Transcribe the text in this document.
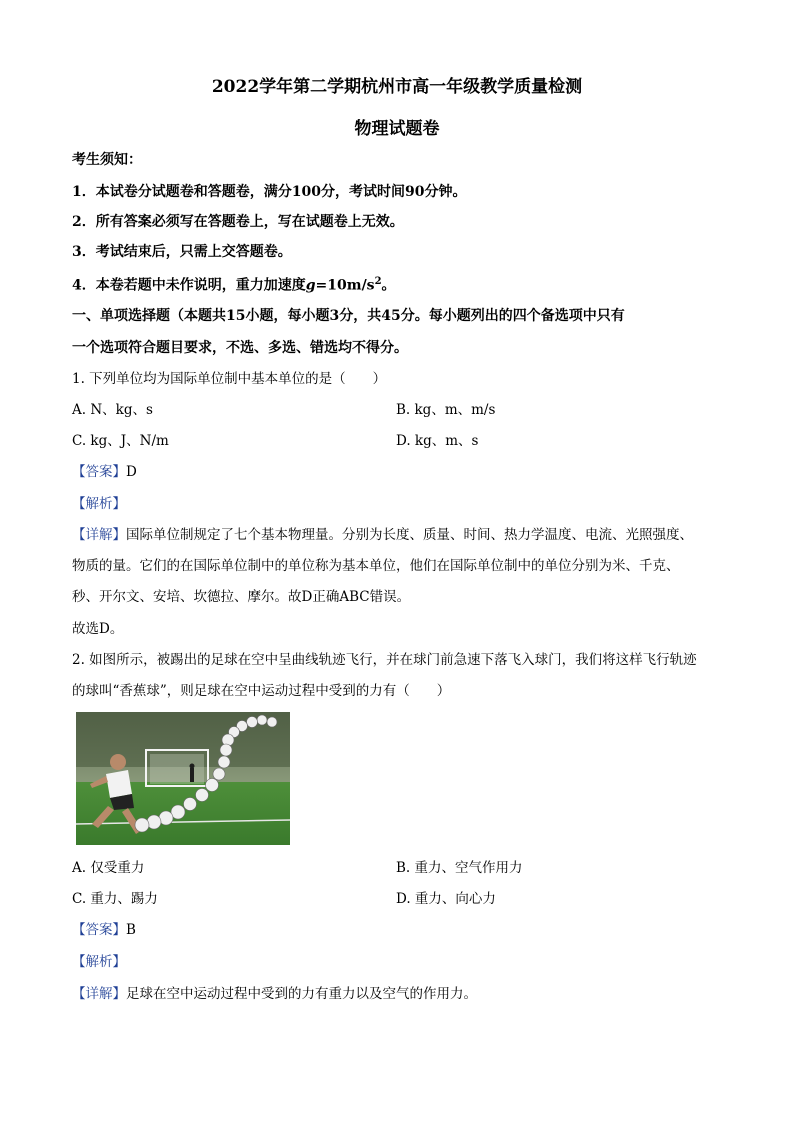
2022学年第二学期杭州市高一年级教学质量检测
物理试题卷
考生须知：
1．本试卷分试题卷和答题卷，满分100分，考试时间90分钟。
2．所有答案必须写在答题卷上，写在试题卷上无效。
3．考试结束后，只需上交答题卷。
4．本卷若题中未作说明，重力加速度$g=10m/s^2$。
一、单项选择题（本题共15小题，每小题3分，共45分。每小题列出的四个备选项中只有
一个选项符合题目要求，不选、多选、错选均不得分。
1. 下列单位均为国际单位制中基本单位的是（　　）
A. N、kg、s	B. kg、m、m/s
C. kg、J、N/m	D. kg、m、s
【答案】D
【解析】
【详解】国际单位制规定了七个基本物理量。分别为长度、质量、时间、热力学温度、电流、光照强度、
物质的量。它们的在国际单位制中的单位称为基本单位，他们在国际单位制中的单位分别为米、千克、
秒、开尔文、安培、坎德拉、摩尔。故D正确ABC错误。
故选D。
2. 如图所示，被踢出的足球在空中呈曲线轨迹飞行，并在球门前急速下落飞入球门，我们将这样飞行轨迹
的球叫“香蕉球”，则足球在空中运动过程中受到的力有（　　）
A. 仅受重力	B. 重力、空气作用力
C. 重力、踢力	D. 重力、向心力
【答案】B
【解析】
【详解】足球在空中运动过程中受到的力有重力以及空气的作用力。
